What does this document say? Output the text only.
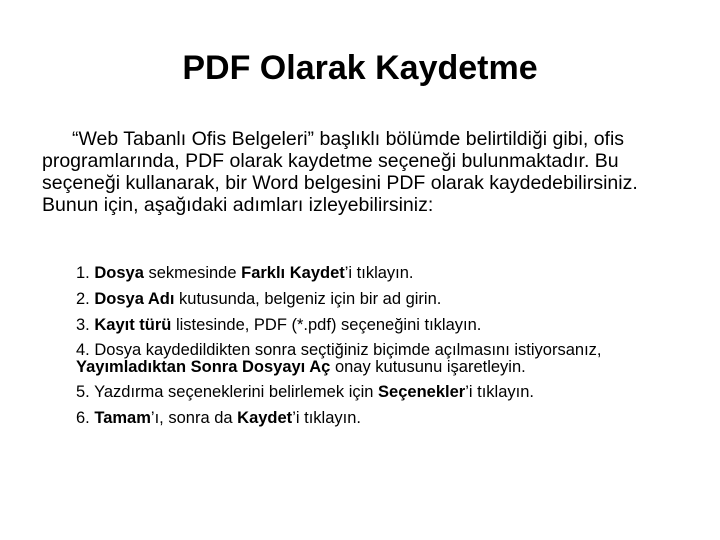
PDF Olarak Kaydetme

“Web Tabanlı Ofis Belgeleri” başlıklı bölümde belirtildiği gibi, ofis programlarında, PDF olarak kaydetme seçeneği bulunmaktadır. Bu seçeneği kullanarak, bir Word belgesini PDF olarak kaydedebilirsiniz. Bunun için, aşağıdaki adımları izleyebilirsiniz:

1. Dosya sekmesinde Farklı Kaydet’i tıklayın.
2. Dosya Adı kutusunda, belgeniz için bir ad girin.
3. Kayıt türü listesinde, PDF (*.pdf) seçeneğini tıklayın.
4. Dosya kaydedildikten sonra seçtiğiniz biçimde açılmasını istiyorsanız, Yayımladıktan Sonra Dosyayı Aç onay kutusunu işaretleyin.
5. Yazdırma seçeneklerini belirlemek için Seçenekler’i tıklayın.
6. Tamam’ı, sonra da Kaydet’i tıklayın.
